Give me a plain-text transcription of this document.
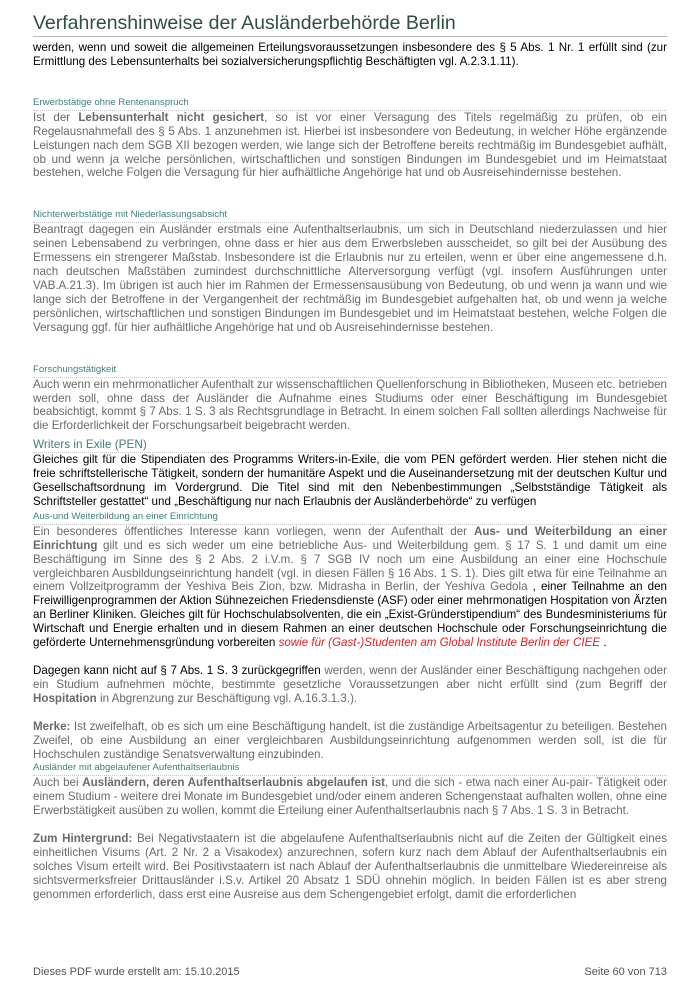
Verfahrenshinweise der Ausländerbehörde Berlin

werden, wenn und soweit die allgemeinen Erteilungsvoraussetzungen insbesondere des § 5 Abs. 1 Nr. 1 erfüllt sind (zur Ermittlung des Lebensunterhalts bei sozialversicherungspflichtig Beschäftigten vgl. A.2.3.1.11).

Erwerbstätige ohne Rentenanspruch

Ist der Lebensunterhalt nicht gesichert, so ist vor einer Versagung des Titels regelmäßig zu prüfen, ob ein Regelausnahmefall des § 5 Abs. 1 anzunehmen ist. Hierbei ist insbesondere von Bedeutung, in welcher Höhe ergänzende Leistungen nach dem SGB XII bezogen werden, wie lange sich der Betroffene bereits rechtmäßig im Bundesgebiet aufhält, ob und wenn ja welche persönlichen, wirtschaftlichen und sonstigen Bindungen im Bundesgebiet und im Heimatstaat bestehen, welche Folgen die Versagung für hier aufhältliche Angehörige hat und ob Ausreisehindernisse bestehen.

Nichterwerbstätige mit Niederlassungsabsicht

Beantragt dagegen ein Ausländer erstmals eine Aufenthaltserlaubnis, um sich in Deutschland niederzulassen und hier seinen Lebensabend zu verbringen, ohne dass er hier aus dem Erwerbsleben ausscheidet, so gilt bei der Ausübung des Ermessens ein strengerer Maßstab. Insbesondere ist die Erlaubnis nur zu erteilen, wenn er über eine angemessene d.h. nach deutschen Maßstäben zumindest durchschnittliche Alterversorgung verfügt (vgl. insofern Ausführungen unter VAB.A.21.3). Im übrigen ist auch hier im Rahmen der Ermessensausübung von Bedeutung, ob und wenn ja wann und wie lange sich der Betroffene in der Vergangenheit der rechtmäßig im Bundesgebiet aufgehalten hat, ob und wenn ja welche persönlichen, wirtschaftlichen und sonstigen Bindungen im Bundesgebiet und im Heimatstaat bestehen, welche Folgen die Versagung ggf. für hier aufhältliche Angehörige hat und ob Ausreisehindernisse bestehen.

Forschungstätigkeit

Auch wenn ein mehrmonatlicher Aufenthalt zur wissenschaftlichen Quellenforschung in Bibliotheken, Museen etc. betrieben werden soll, ohne dass der Ausländer die Aufnahme eines Studiums oder einer Beschäftigung im Bundesgebiet beabsichtigt, kommt § 7 Abs. 1 S. 3 als Rechtsgrundlage in Betracht. In einem solchen Fall sollten allerdings Nachweise für die Erforderlichkeit der Forschungsarbeit beigebracht werden.

Writers in Exile (PEN)

Gleiches gilt für die Stipendiaten des Programms Writers-in-Exile, die vom PEN gefördert werden. Hier stehen nicht die freie schriftstellerische Tätigkeit, sondern der humanitäre Aspekt und die Auseinandersetzung mit der deutschen Kultur und Gesellschaftsordnung im Vordergrund. Die Titel sind mit den Nebenbestimmungen „Selbstständige Tätigkeit als Schriftsteller gestattet“ und „Beschäftigung nur nach Erlaubnis der Ausländerbehörde“ zu verfügen

Aus-und Weiterbildung an einer Einrichtung

Ein besonderes öffentliches Interesse kann vorliegen, wenn der Aufenthalt der Aus- und Weiterbildung an einer Einrichtung gilt und es sich weder um eine betriebliche Aus- und Weiterbildung gem. § 17 S. 1 und damit um eine Beschäftigung im Sinne des § 2 Abs. 2 i.V.m. § 7 SGB IV noch um eine Ausbildung an einer eine Hochschule vergleichbaren Ausbildungseinrichtung handelt (vgl. in diesen Fällen § 16 Abs. 1 S. 1). Dies gilt etwa für eine Teilnahme an einem Vollzeitprogramm der Yeshiva Beis Zion, bzw. Midrasha in Berlin, der Yeshiva Gedola , einer Teilnahme an den Freiwilligenprogrammen der Aktion Sühnezeichen Friedensdienste (ASF) oder einer mehrmonatigen Hospitation von Ärzten an Berliner Kliniken. Gleiches gilt für Hochschulabsolventen, die ein „Exist-Gründerstipendium“ des Bundesministeriums für Wirtschaft und Energie erhalten und in diesem Rahmen an einer deutschen Hochschule oder Forschungseinrichtung die geförderte Unternehmensgründung vorbereiten sowie für (Gast-)Studenten am Global Institute Berlin der CIEE .

Dagegen kann nicht auf § 7 Abs. 1 S. 3 zurückgegriffen werden, wenn der Ausländer einer Beschäftigung nachgehen oder ein Studium aufnehmen möchte, bestimmte gesetzliche Voraussetzungen aber nicht erfüllt sind (zum Begriff der Hospitation in Abgrenzung zur Beschäftigung vgl. A.16.3.1.3.).

Merke: Ist zweifelhaft, ob es sich um eine Beschäftigung handelt, ist die zuständige Arbeitsagentur zu beteiligen. Bestehen Zweifel, ob eine Ausbildung an einer vergleichbaren Ausbildungseinrichtung aufgenommen werden soll, ist die für Hochschulen zuständige Senatsverwaltung einzubinden.

Ausländer mit abgelaufener Aufenthaltserlaubnis

Auch bei Ausländern, deren Aufenthaltserlaubnis abgelaufen ist, und die sich - etwa nach einer Au-pair- Tätigkeit oder einem Studium - weitere drei Monate im Bundesgebiet und/oder einem anderen Schengenstaat aufhalten wollen, ohne eine Erwerbstätigkeit ausüben zu wollen, kommt die Erteilung einer Aufenthaltserlaubnis nach § 7 Abs. 1 S. 3 in Betracht.

Zum Hintergrund: Bei Negativstaatern ist die abgelaufene Aufenthaltserlaubnis nicht auf die Zeiten der Gültigkeit eines einheitlichen Visums (Art. 2 Nr. 2 a Visakodex) anzurechnen, sofern kurz nach dem Ablauf der Aufenthaltserlaubnis ein solches Visum erteilt wird. Bei Positivstaatern ist nach Ablauf der Aufenthaltserlaubnis die unmittelbare Wiedereinreise als sichtsvermerksfreier Drittausländer i.S.v. Artikel 20 Absatz 1 SDÜ ohnehin möglich. In beiden Fällen ist es aber streng genommen erforderlich, dass erst eine Ausreise aus dem Schengengebiet erfolgt, damit die erforderlichen

Dieses PDF wurde erstellt am: 15.10.2015	Seite 60 von 713
